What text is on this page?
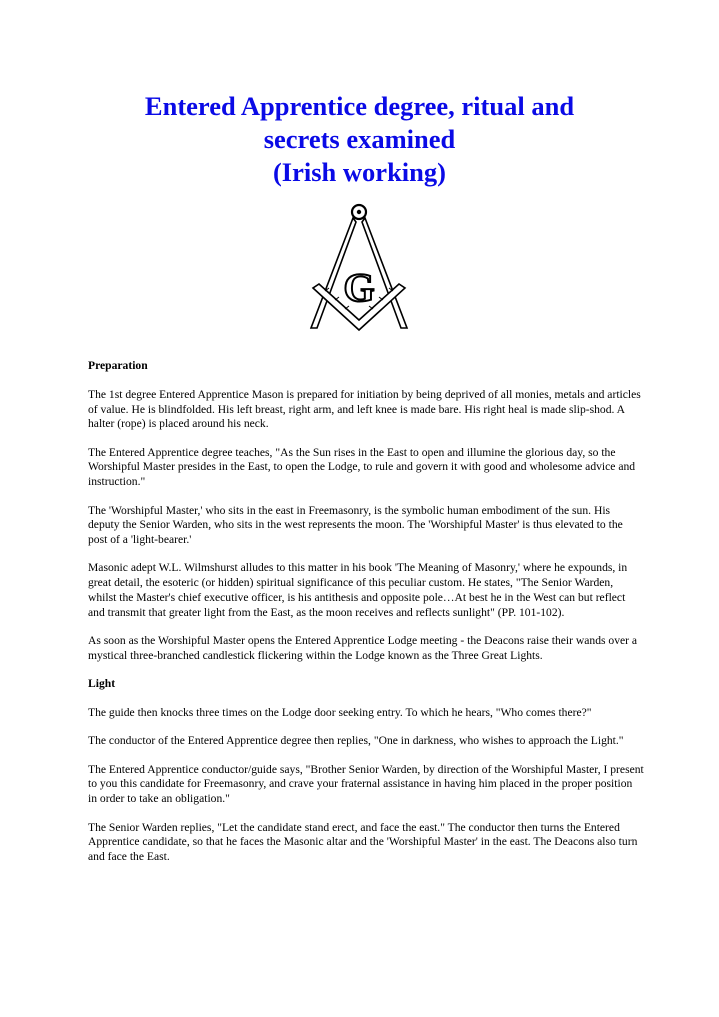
Entered Apprentice degree, ritual and
secrets examined
(Irish working)
G

Preparation

The 1st degree Entered Apprentice Mason is prepared for initiation by being deprived of all monies, metals and articles of value. He is blindfolded. His left breast, right arm, and left knee is made bare. His right heal is made slip-shod. A halter (rope) is placed around his neck.

The Entered Apprentice degree teaches, "As the Sun rises in the East to open and illumine the glorious day, so the Worshipful Master presides in the East, to open the Lodge, to rule and govern it with good and wholesome advice and instruction."

The 'Worshipful Master,' who sits in the east in Freemasonry, is the symbolic human embodiment of the sun. His deputy the Senior Warden, who sits in the west represents the moon. The 'Worshipful Master' is thus elevated to the post of a 'light-bearer.'

Masonic adept W.L. Wilmshurst alludes to this matter in his book 'The Meaning of Masonry,' where he expounds, in great detail, the esoteric (or hidden) spiritual significance of this peculiar custom. He states, "The Senior Warden, whilst the Master's chief executive officer, is his antithesis and opposite pole…At best he in the West can but reflect and transmit that greater light from the East, as the moon receives and reflects sunlight" (PP. 101-102).

As soon as the Worshipful Master opens the Entered Apprentice Lodge meeting - the Deacons raise their wands over a mystical three-branched candlestick flickering within the Lodge known as the Three Great Lights.

Light

The guide then knocks three times on the Lodge door seeking entry. To which he hears, "Who comes there?"

The conductor of the Entered Apprentice degree then replies, "One in darkness, who wishes to approach the Light."

The Entered Apprentice conductor/guide says, "Brother Senior Warden, by direction of the Worshipful Master, I present to you this candidate for Freemasonry, and crave your fraternal assistance in having him placed in the proper position in order to take an obligation."

The Senior Warden replies, "Let the candidate stand erect, and face the east." The conductor then turns the Entered Apprentice candidate, so that he faces the Masonic altar and the 'Worshipful Master' in the east. The Deacons also turn and face the East.
